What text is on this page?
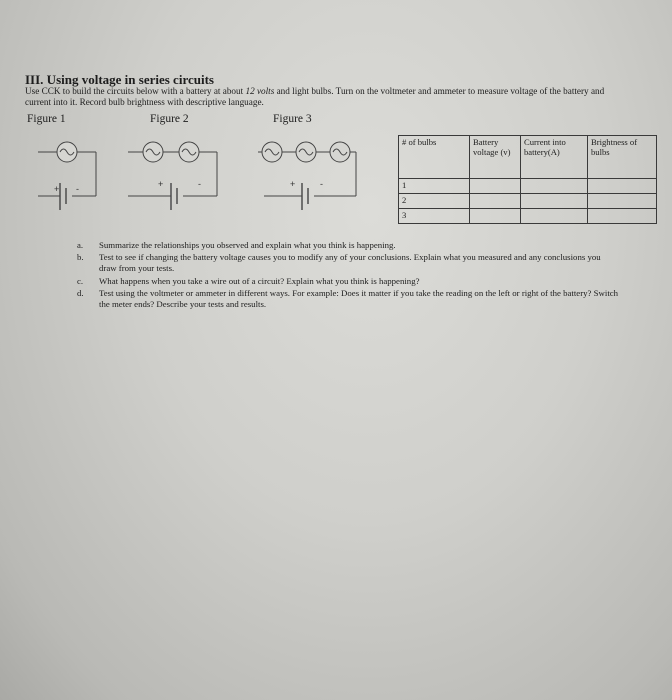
III. Using voltage in series circuits
Use CCK to build the circuits below with a battery at about 12 volts and light bulbs. Turn on the voltmeter and ammeter to measure voltage of the battery and current into it. Record bulb brightness with descriptive language.
Figure 1	Figure 2	Figure 3
+ -	+	-	+	-
# of bulbs	Battery voltage (v)	Current into battery(A)	Brightness of bulbs
1			
2			
3			
a. Summarize the relationships you observed and explain what you think is happening.
b. Test to see if changing the battery voltage causes you to modify any of your conclusions. Explain what you measured and any conclusions you draw from your tests.
c. What happens when you take a wire out of a circuit? Explain what you think is happening?
d. Test using the voltmeter or ammeter in different ways. For example: Does it matter if you take the reading on the left or right of the battery? Switch the meter ends? Describe your tests and results.
